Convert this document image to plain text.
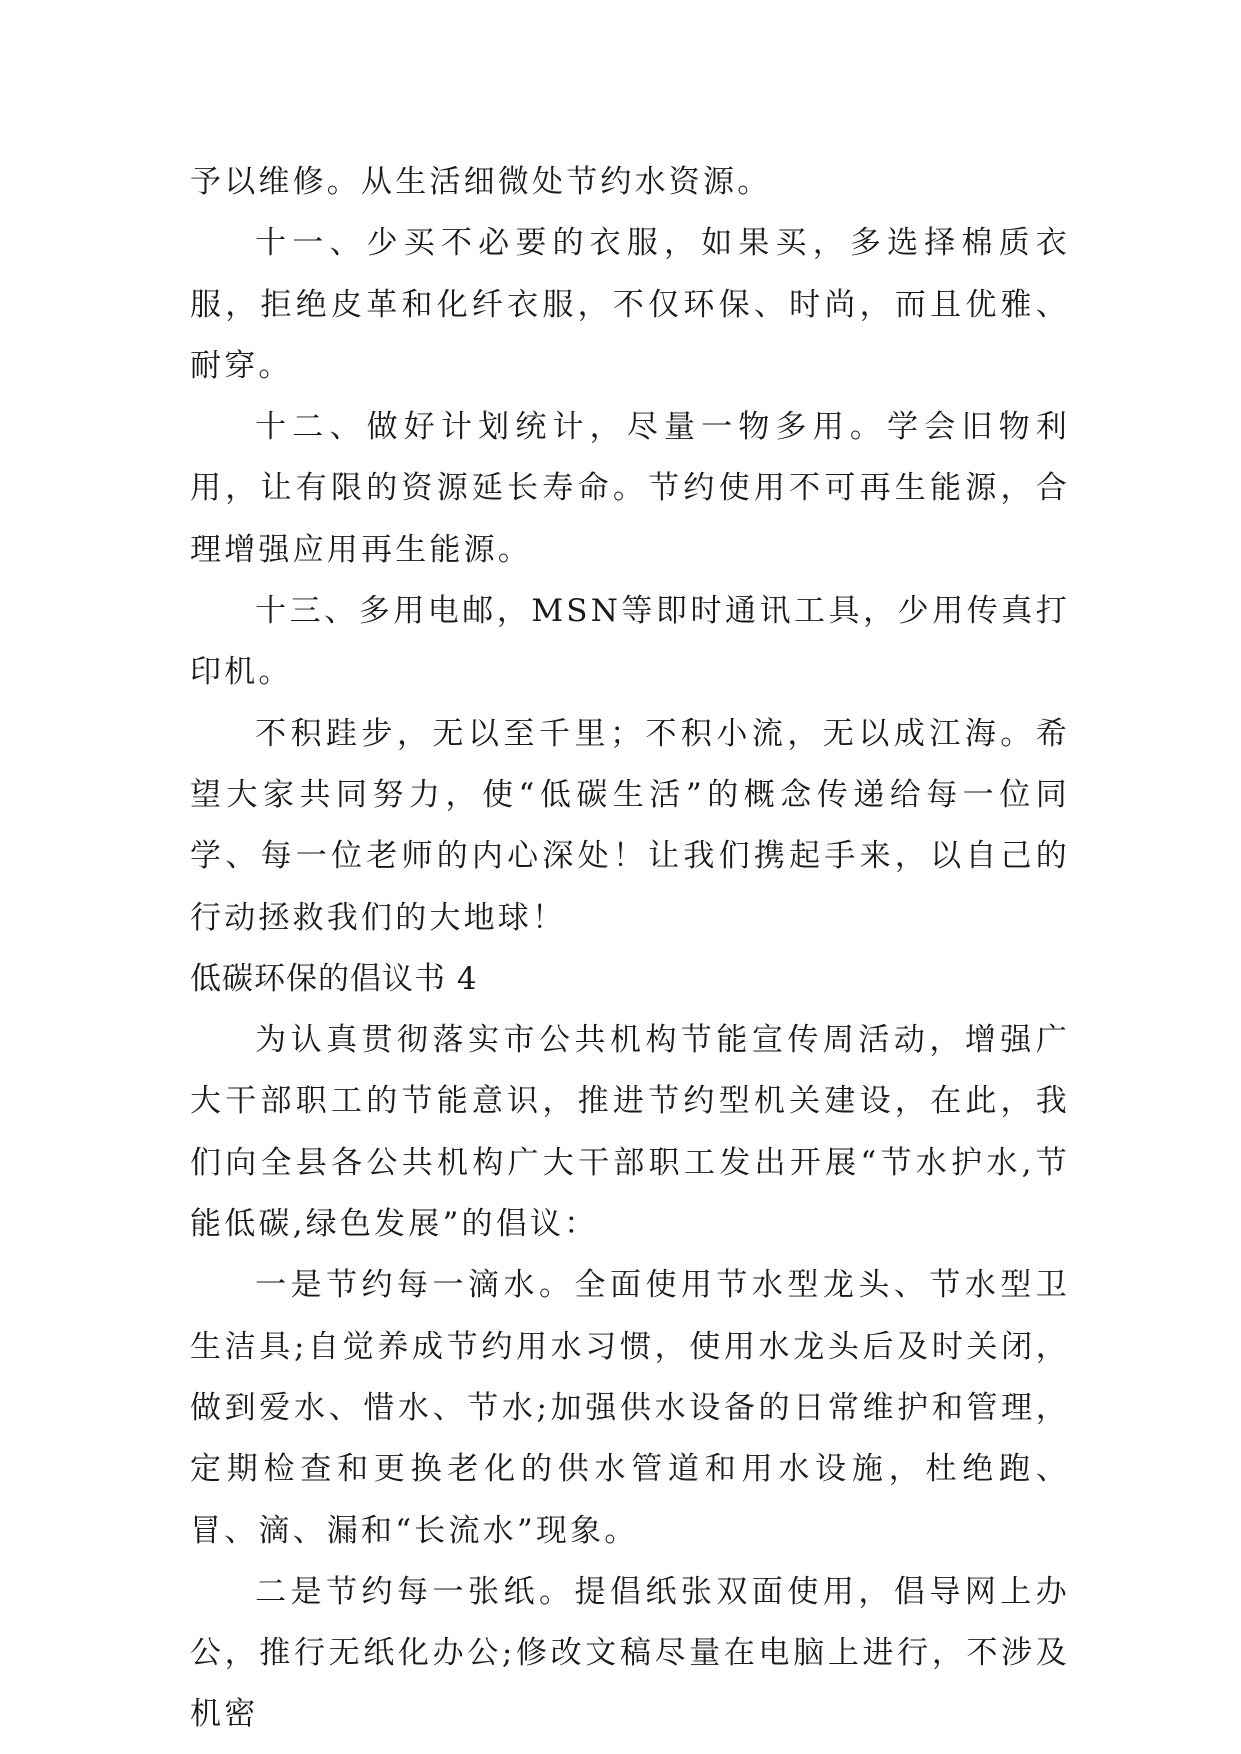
予以维修。从生活细微处节约水资源。

十一、少买不必要的衣服，如果买，多选择棉质衣服，拒绝皮革和化纤衣服，不仅环保、时尚，而且优雅、耐穿。

十二、做好计划统计，尽量一物多用。学会旧物利用，让有限的资源延长寿命。节约使用不可再生能源，合理增强应用再生能源。

十三、多用电邮，MSN等即时通讯工具，少用传真打印机。

不积跬步，无以至千里；不积小流，无以成江海。希望大家共同努力，使“低碳生活”的概念传递给每一位同学、每一位老师的内心深处！让我们携起手来，以自己的行动拯救我们的大地球！

低碳环保的倡议书 4

为认真贯彻落实市公共机构节能宣传周活动，增强广大干部职工的节能意识，推进节约型机关建设，在此，我们向全县各公共机构广大干部职工发出开展“节水护水,节能低碳,绿色发展”的倡议：

一是节约每一滴水。全面使用节水型龙头、节水型卫生洁具;自觉养成节约用水习惯，使用水龙头后及时关闭，做到爱水、惜水、节水;加强供水设备的日常维护和管理，定期检查和更换老化的供水管道和用水设施，杜绝跑、冒、滴、漏和“长流水”现象。

二是节约每一张纸。提倡纸张双面使用，倡导网上办公，推行无纸化办公;修改文稿尽量在电脑上进行，不涉及机密
